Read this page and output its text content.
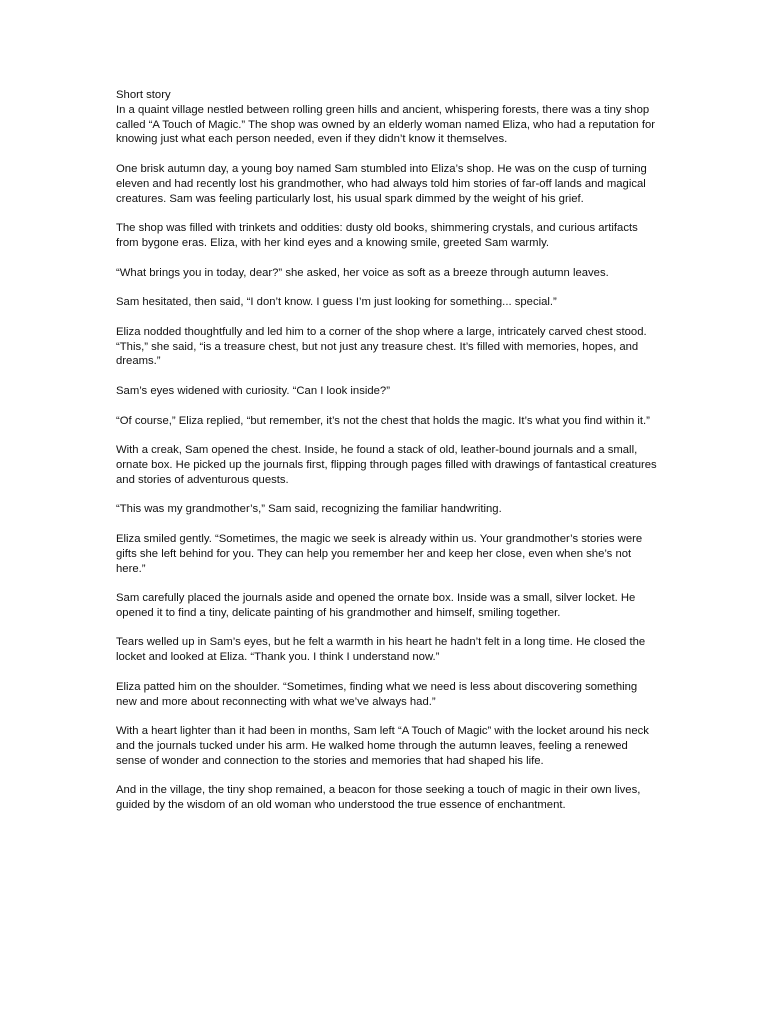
Short story

In a quaint village nestled between rolling green hills and ancient, whispering forests, there was a tiny shop called “A Touch of Magic.” The shop was owned by an elderly woman named Eliza, who had a reputation for knowing just what each person needed, even if they didn’t know it themselves.

One brisk autumn day, a young boy named Sam stumbled into Eliza’s shop. He was on the cusp of turning eleven and had recently lost his grandmother, who had always told him stories of far-off lands and magical creatures. Sam was feeling particularly lost, his usual spark dimmed by the weight of his grief.

The shop was filled with trinkets and oddities: dusty old books, shimmering crystals, and curious artifacts from bygone eras. Eliza, with her kind eyes and a knowing smile, greeted Sam warmly.

“What brings you in today, dear?” she asked, her voice as soft as a breeze through autumn leaves.

Sam hesitated, then said, “I don’t know. I guess I’m just looking for something... special.”

Eliza nodded thoughtfully and led him to a corner of the shop where a large, intricately carved chest stood. “This,” she said, “is a treasure chest, but not just any treasure chest. It’s filled with memories, hopes, and dreams.”

Sam’s eyes widened with curiosity. “Can I look inside?”

“Of course,” Eliza replied, “but remember, it’s not the chest that holds the magic. It’s what you find within it.”

With a creak, Sam opened the chest. Inside, he found a stack of old, leather-bound journals and a small, ornate box. He picked up the journals first, flipping through pages filled with drawings of fantastical creatures and stories of adventurous quests.

“This was my grandmother’s,” Sam said, recognizing the familiar handwriting.

Eliza smiled gently. “Sometimes, the magic we seek is already within us. Your grandmother’s stories were gifts she left behind for you. They can help you remember her and keep her close, even when she’s not here.”

Sam carefully placed the journals aside and opened the ornate box. Inside was a small, silver locket. He opened it to find a tiny, delicate painting of his grandmother and himself, smiling together.

Tears welled up in Sam’s eyes, but he felt a warmth in his heart he hadn’t felt in a long time. He closed the locket and looked at Eliza. “Thank you. I think I understand now.”

Eliza patted him on the shoulder. “Sometimes, finding what we need is less about discovering something new and more about reconnecting with what we’ve always had.”

With a heart lighter than it had been in months, Sam left “A Touch of Magic” with the locket around his neck and the journals tucked under his arm. He walked home through the autumn leaves, feeling a renewed sense of wonder and connection to the stories and memories that had shaped his life.

And in the village, the tiny shop remained, a beacon for those seeking a touch of magic in their own lives, guided by the wisdom of an old woman who understood the true essence of enchantment.
